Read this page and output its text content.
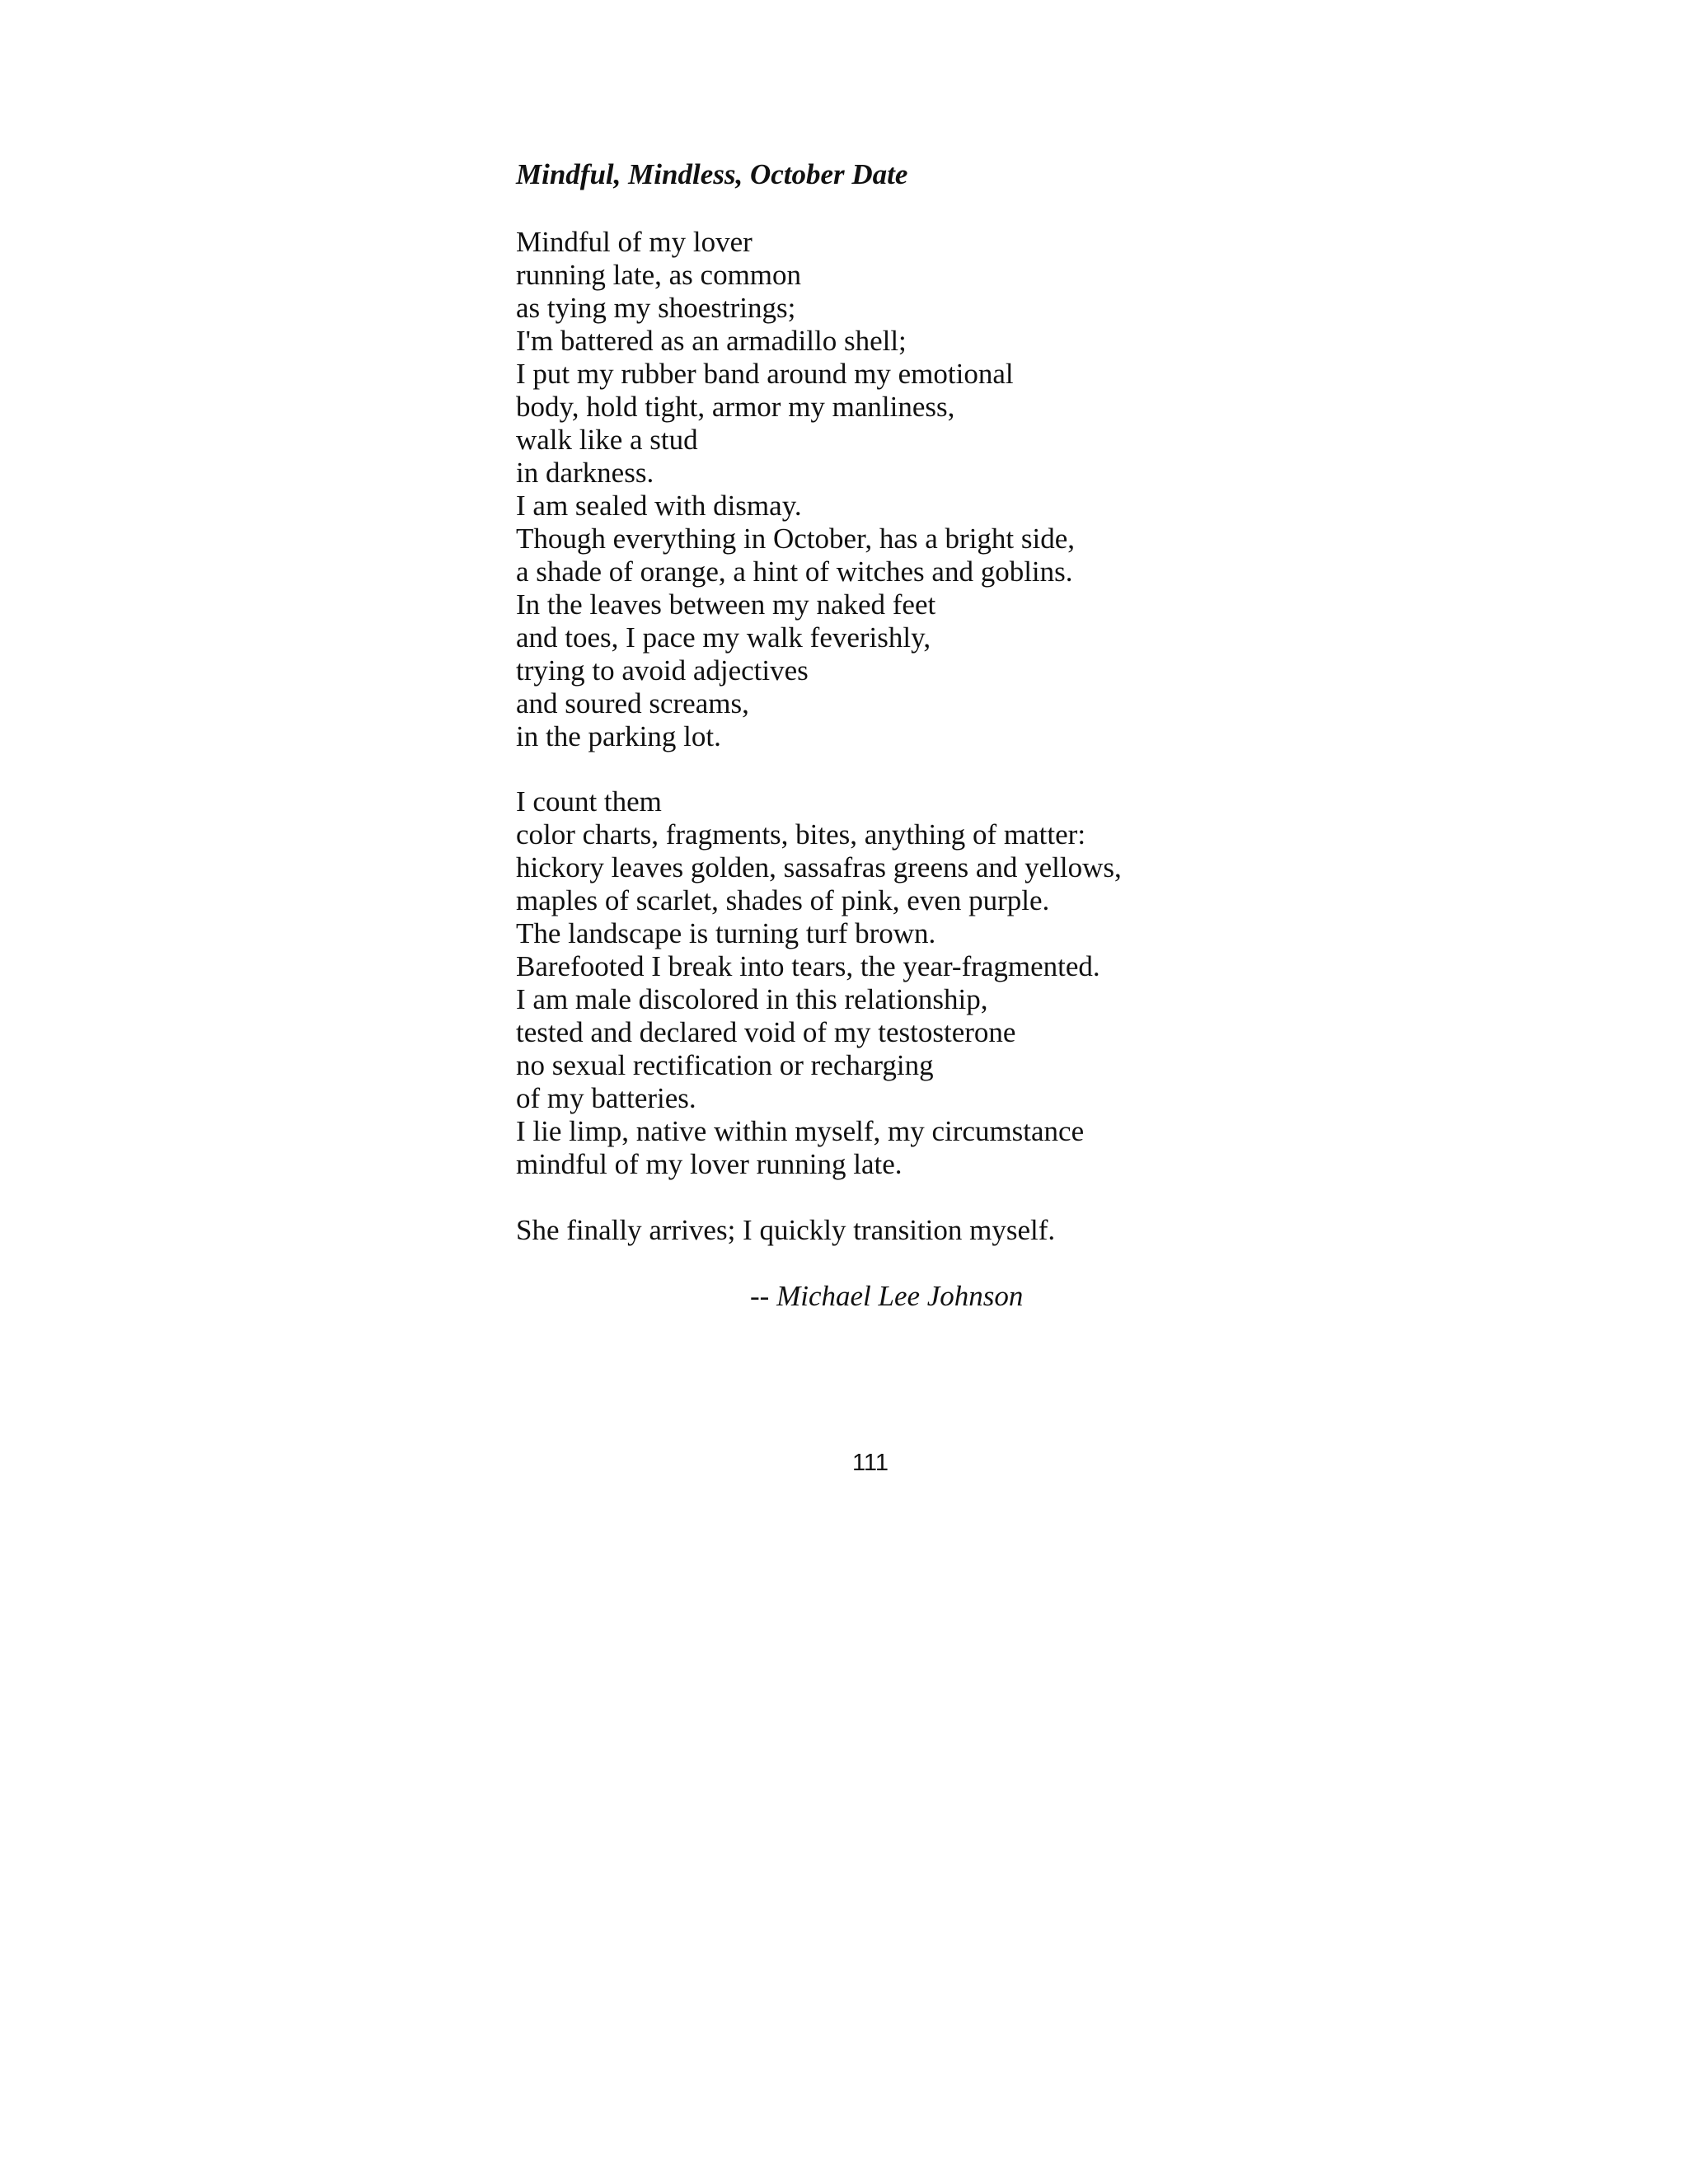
Mindful, Mindless, October Date

Mindful of my lover
running late, as common
as tying my shoestrings;
I'm battered as an armadillo shell;
I put my rubber band around my emotional
body, hold tight, armor my manliness,
walk like a stud
in darkness.
I am sealed with dismay.
Though everything in October, has a bright side,
a shade of orange, a hint of witches and goblins.
In the leaves between my naked feet
and toes, I pace my walk feverishly,
trying to avoid adjectives
and soured screams,
in the parking lot.

I count them
color charts, fragments, bites, anything of matter:
hickory leaves golden, sassafras greens and yellows,
maples of scarlet, shades of pink, even purple.
The landscape is turning turf brown.
Barefooted I break into tears, the year-fragmented.
I am male discolored in this relationship,
tested and declared void of my testosterone
no sexual rectification or recharging
of my batteries.
I lie limp, native within myself, my circumstance
mindful of my lover running late.

She finally arrives; I quickly transition myself.

-- Michael Lee Johnson
111
